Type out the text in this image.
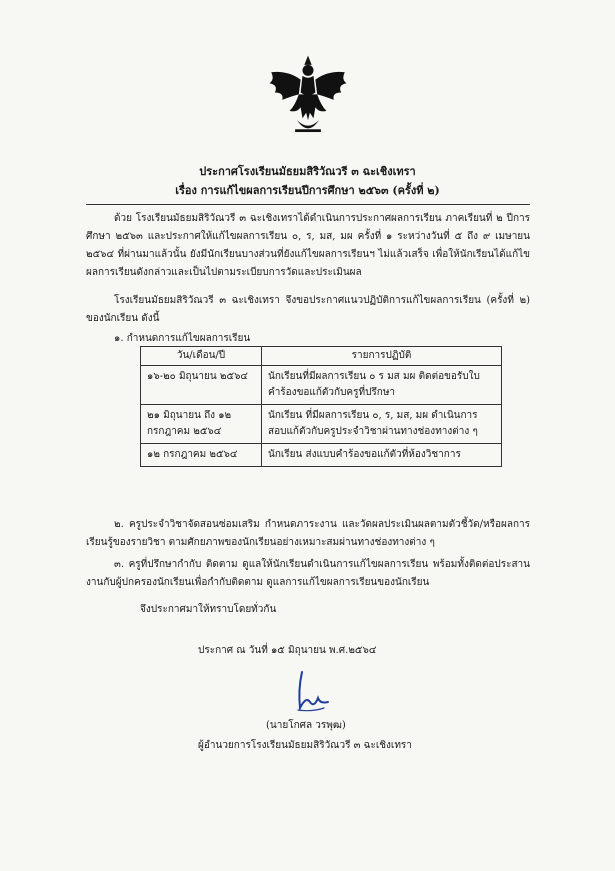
ประกาศโรงเรียนมัธยมสิริวัณวรี ๓ ฉะเชิงเทรา
เรื่อง การแก้ไขผลการเรียนปีการศึกษา ๒๕๖๓ (ครั้งที่ ๒)
ด้วย โรงเรียนมัธยมสิริวัณวรี ๓ ฉะเชิงเทราได้ดำเนินการประกาศผลการเรียน ภาคเรียนที่ ๒ ปีการศึกษา ๒๕๖๓ และประกาศให้แก้ไขผลการเรียน ๐, ร, มส, มผ ครั้งที่ ๑ ระหว่างวันที่ ๕ ถึง ๙ เมษายน ๒๕๖๔ ที่ผ่านมาแล้วนั้น ยังมีนักเรียนบางส่วนที่ยังแก้ไขผลการเรียนฯ ไม่แล้วเสร็จ เพื่อให้นักเรียนได้แก้ไขผลการเรียนดังกล่าวและเป็นไปตามระเบียบการวัดและประเมินผล
โรงเรียนมัธยมสิริวัณวรี ๓ ฉะเชิงเทรา จึงขอประกาศแนวปฏิบัติการแก้ไขผลการเรียน (ครั้งที่ ๒) ของนักเรียน ดังนี้
๑. กำหนดการแก้ไขผลการเรียน
วัน/เดือน/ปี	รายการปฏิบัติ
๑๖-๒๐ มิถุนายน ๒๕๖๔	นักเรียนที่มีผลการเรียน ๐ ร มส มผ ติดต่อขอรับใบคำร้องขอแก้ตัวกับครูที่ปรึกษา
๒๑ มิถุนายน ถึง ๑๒ กรกฎาคม ๒๕๖๔	นักเรียน ที่มีผลการเรียน ๐, ร, มส, มผ ดำเนินการสอบแก้ตัวกับครูประจำวิชาผ่านทางช่องทางต่าง ๆ
๑๒ กรกฎาคม ๒๕๖๔	นักเรียน ส่งแบบคำร้องขอแก้ตัวที่ห้องวิชาการ
๒. ครูประจำวิชาจัดสอนซ่อมเสริม กำหนดภาระงาน และวัดผลประเมินผลตามตัวชี้วัด/หรือผลการเรียนรู้ของรายวิชา ตามศักยภาพของนักเรียนอย่างเหมาะสมผ่านทางช่องทางต่าง ๆ
๓. ครูที่ปรึกษากำกับ ติดตาม ดูแลให้นักเรียนดำเนินการแก้ไขผลการเรียน พร้อมทั้งติดต่อประสานงานกับผู้ปกครองนักเรียนเพื่อกำกับติดตาม ดูแลการแก้ไขผลการเรียนของนักเรียน
จึงประกาศมาให้ทราบโดยทั่วกัน
ประกาศ ณ วันที่ ๑๕ มิถุนายน พ.ศ.๒๕๖๔
(นายโกศล วรพุฒ)
ผู้อำนวยการโรงเรียนมัธยมสิริวัณวรี ๓ ฉะเชิงเทรา
